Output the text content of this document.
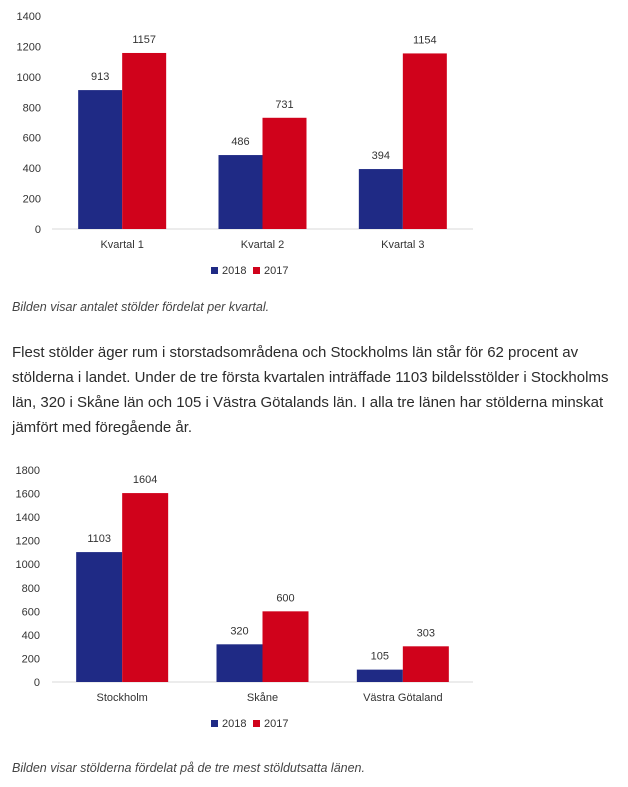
0
200
400
600
800
1000
1200
1400
913
1157
Kvartal 1
486
731
Kvartal 2
394
1154
Kvartal 3
2018 2017
Bilden visar antalet stölder fördelat per kvartal.
Flest stölder äger rum i storstadsområdena och Stockholms län står för 62 procent av
stölderna i landet. Under de tre första kvartalen inträffade 1103 bildelsstölder i Stockholms
län, 320 i Skåne län och 105 i Västra Götalands län. I alla tre länen har stölderna minskat
jämfört med föregående år.
0
200
400
600
800
1000
1200
1400
1600
1800
1103
1604
Stockholm
320
600
Skåne
105
303
Västra Götaland
2018 2017
Bilden visar stölderna fördelat på de tre mest stöldutsatta länen.
